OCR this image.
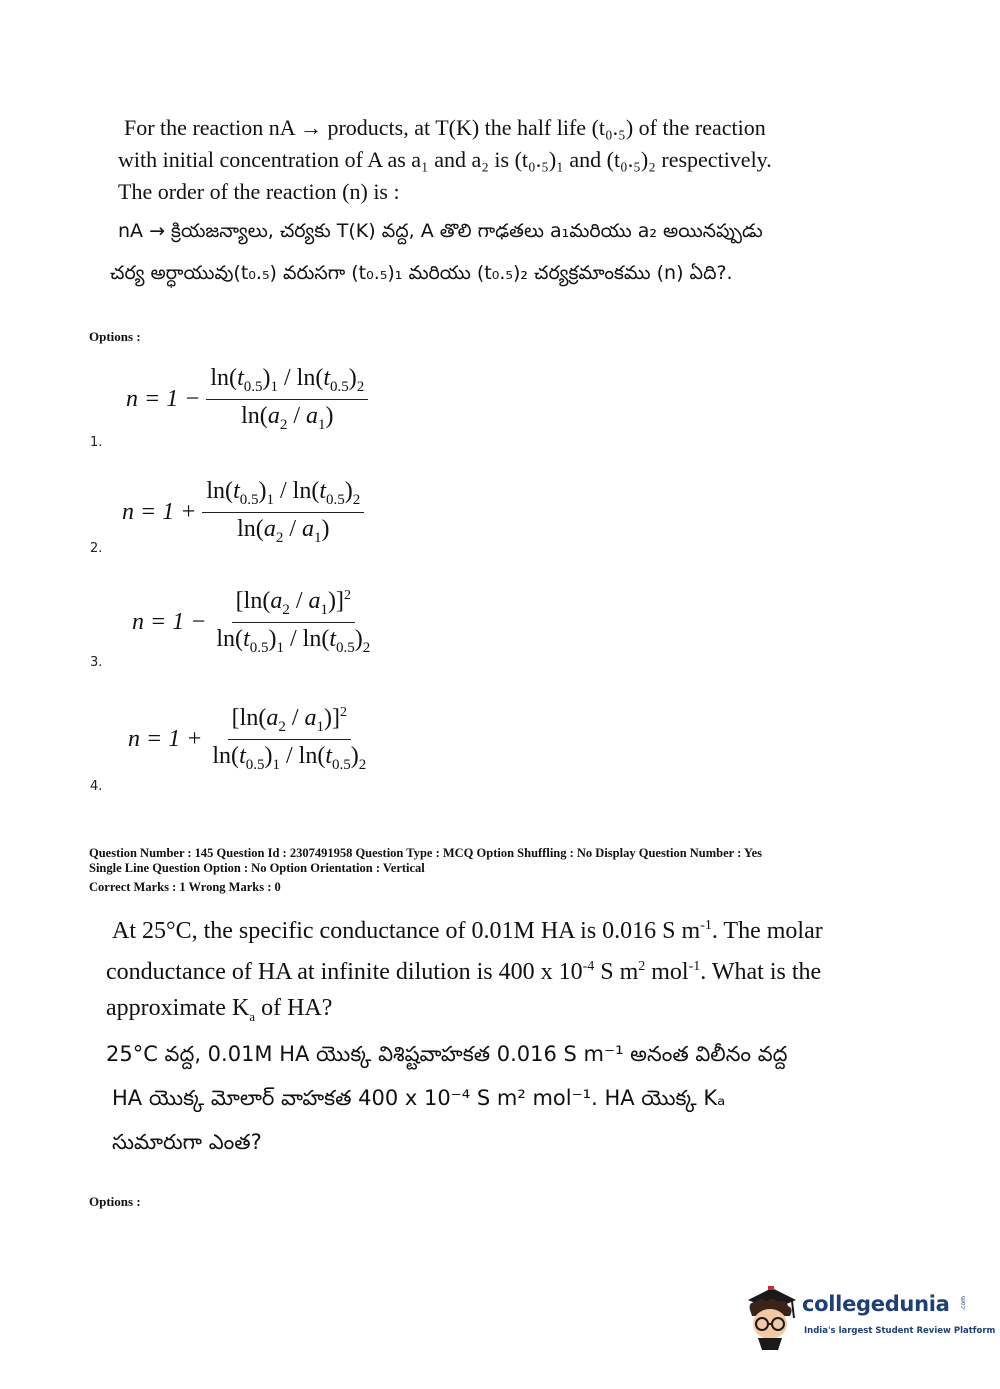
For the reaction nA → products, at T(K) the half life (t₀.₅) of the reaction
with initial concentration of A as a₁ and a₂ is (t₀.₅)₁ and (t₀.₅)₂ respectively.
The order of the reaction (n) is :
nA → క్రియజన్యాలు, చర్యకు T(K) వద్ద, A తొలి గాఢతలు a₁మరియు a₂ అయినప్పుడు
చర్య అర్ధాయువు(t₀.₅) వరుసగా (t₀.₅)₁ మరియు (t₀.₅)₂ చర్యక్రమాంకము (n) ఏది?.
Options :
$n = 1 - \frac{\ln(t_{0.5})_1 / \ln(t_{0.5})_2}{\ln(a_2 / a_1)}$
1.
$n = 1 + \frac{\ln(t_{0.5})_1 / \ln(t_{0.5})_2}{\ln(a_2 / a_1)}$
2.
$n = 1 - \frac{[\ln(a_2 / a_1)]^2}{\ln(t_{0.5})_1 / \ln(t_{0.5})_2}$
3.
$n = 1 + \frac{[\ln(a_2 / a_1)]^2}{\ln(t_{0.5})_1 / \ln(t_{0.5})_2}$
4.
Question Number : 145 Question Id : 2307491958 Question Type : MCQ Option Shuffling : No Display Question Number : Yes
Single Line Question Option : No Option Orientation : Vertical
Correct Marks : 1 Wrong Marks : 0
At 25°C, the specific conductance of 0.01M HA is 0.016 S $m^{-1}$. The molar
conductance of HA at infinite dilution is 400 x $10^{-4}$ S $m^2$ mol$^{-1}$. What is the
approximate $K_a$ of HA?
25°C వద్ద, 0.01M HA యొక్క విశిష్టవాహకత 0.016 S m⁻¹ అనంత విలీనం వద్ద
HA యొక్క మోలార్ వాహకత 400 x 10⁻⁴ S m² mol⁻¹. HA యొక్క Kₐ
సుమారుగా ఎంత?
Options :
collegedunia .com
India's largest Student Review Platform
